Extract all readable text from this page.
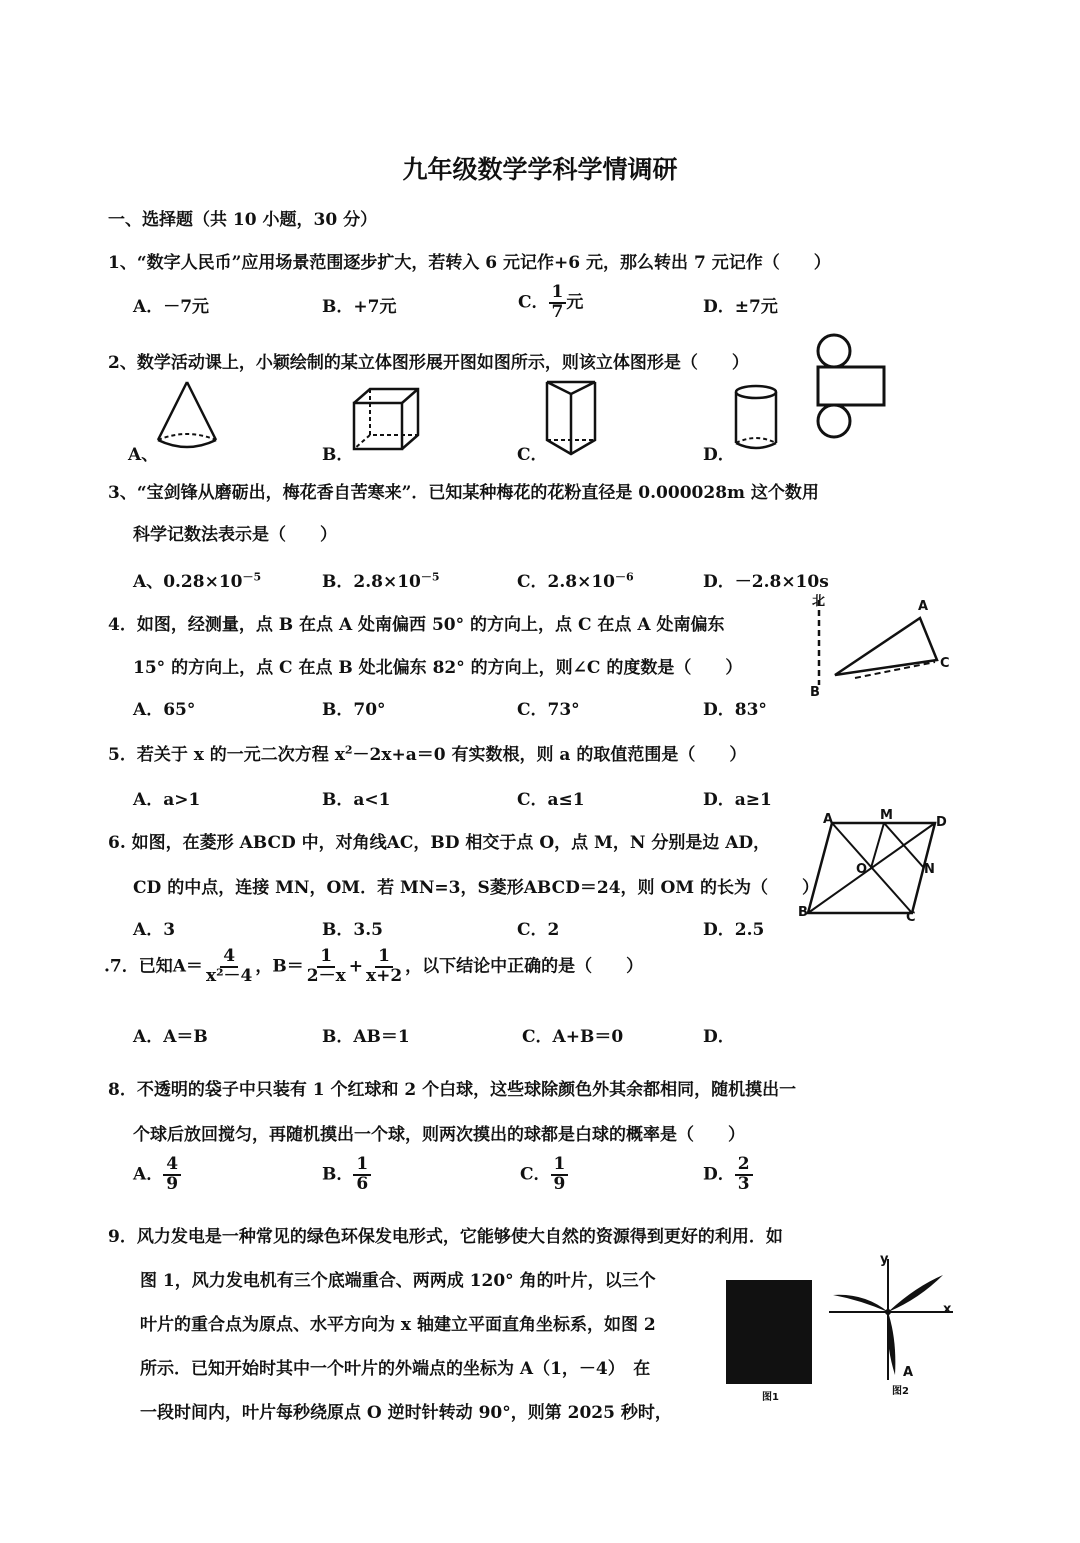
九年级数学学科学情调研
一、选择题（共 10 小题，30 分）
1、“数字人民币”应用场景范围逐步扩大，若转入 6 元记作+6 元，那么转出 7 元记作（　　）
A．－7元	B．+7元	C． $\frac{1}{7}$ 元	D．±7元
2、数学活动课上，小颖绘制的某立体图形展开图如图所示，则该立体图形是（　　）
A、	B．	C．	D．
3、“宝剑锋从磨砺出，梅花香自苦寒来”．已知某种梅花的花粉直径是 0.000028m 这个数用
科学记数法表示是（　　）
A、$0.28\times 10^{-5}$	B．$2.8\times 10^{-5}$	C．$2.8\times 10^{-6}$	D．－2.8×10s
4．如图，经测量，点 B 在点 A 处南偏西 50° 的方向上，点 C 在点 A 处南偏东
15° 的方向上，点 C 在点 B 处北偏东 82° 的方向上，则∠C 的度数是（　　）
A．65°	B．70°	C．73°	D．83°
北	A
B
C
5．若关于 x 的一元二次方程 $x^2-2x+a=0$ 有实数根，则 a 的取值范围是（　　）
A．a>1	B．a<1	C．a≤1	D．a≥1
6. 如图，在菱形 ABCD 中，对角线AC，BD 相交于点 O，点 M，N 分别是边 AD，
CD 的中点，连接 MN，OM．若 MN=3，S菱形ABCD＝24，则 OM 的长为（　　）
A．3	B．3.5	C．2	D．2.5
A	M	D
O	N
B	C
.7．已知$A= \frac{4}{\text{x²－4}}$ ，$B= \frac{1}{2-x} + \frac{1}{x+2}$ ，以下结论中正确的是（　　）
A．A＝B	B．AB＝1	C．A+B＝0	D．
8．不透明的袋子中只装有 1 个红球和 2 个白球，这些球除颜色外其余都相同，随机摸出一
个球后放回搅匀，再随机摸出一个球，则两次摸出的球都是白球的概率是（　　）
A． $\frac{4}{9}$	B． $\frac{1}{6}$	C． $\frac{1}{9}$	D． $\frac{2}{3}$
9．风力发电是一种常见的绿色环保发电形式，它能够使大自然的资源得到更好的利用．如
图 1，风力发电机有三个底端重合、两两成 120° 角的叶片，以三个
叶片的重合点为原点、水平方向为 x 轴建立平面直角坐标系，如图 2
所示．已知开始时其中一个叶片的外端点的坐标为 A（1，－4）　在
一段时间内，叶片每秒绕原点 O 逆时针转动 90°，则第 2025 秒时，
图1
y
x
A
图2
